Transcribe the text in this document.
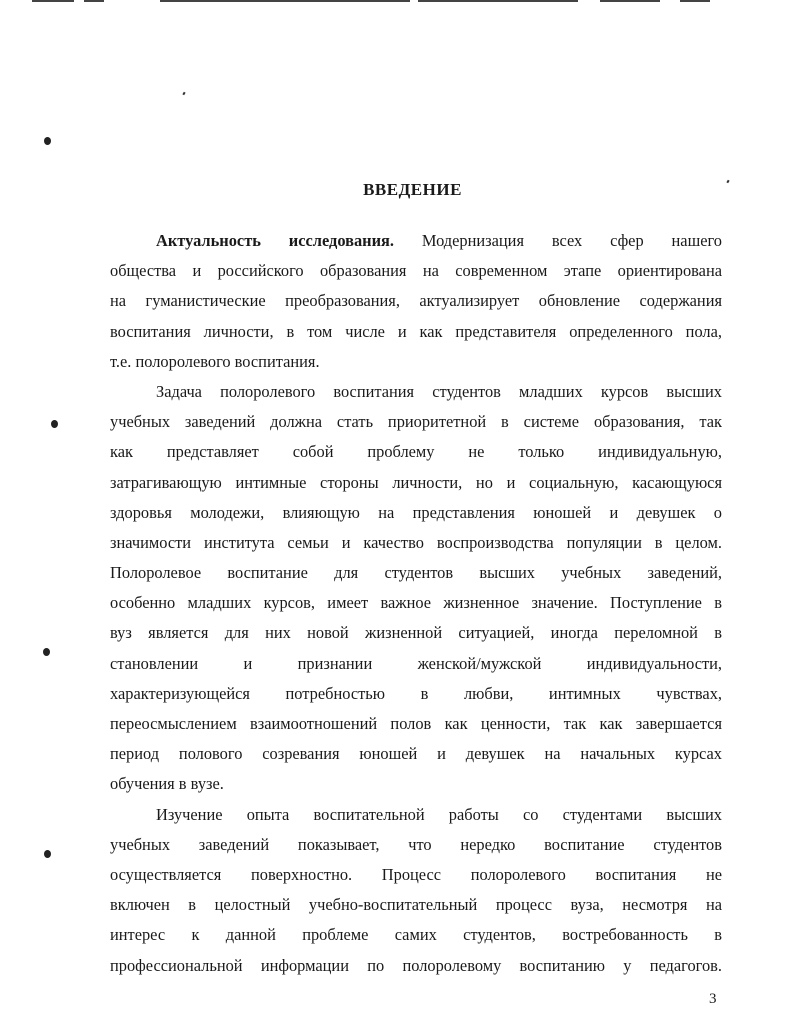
ВВЕДЕНИЕ
Актуальность исследования. Модернизация всех сфер нашего
общества и российского образования на современном этапе ориентирована
на гуманистические преобразования, актуализирует обновление содержания
воспитания личности, в том числе и как представителя определенного пола,
т.е. полоролевого воспитания.
Задача полоролевого воспитания студентов младших курсов высших
учебных заведений должна стать приоритетной в системе образования, так
как представляет собой проблему не только индивидуальную,
затрагивающую интимные стороны личности, но и социальную, касающуюся
здоровья молодежи, влияющую на представления юношей и девушек о
значимости института семьи и качество воспроизводства популяции в целом.
Полоролевое воспитание для студентов высших учебных заведений,
особенно младших курсов, имеет важное жизненное значение. Поступление в
вуз является для них новой жизненной ситуацией, иногда переломной в
становлении и признании женской/мужской индивидуальности,
характеризующейся потребностью в любви, интимных чувствах,
переосмыслением взаимоотношений полов как ценности, так как завершается
период полового созревания юношей и девушек на начальных курсах
обучения в вузе.
Изучение опыта воспитательной работы со студентами высших
учебных заведений показывает, что нередко воспитание студентов
осуществляется поверхностно. Процесс полоролевого воспитания не
включен в целостный учебно-воспитательный процесс вуза, несмотря на
интерес к данной проблеме самих студентов, востребованность в
профессиональной информации по полоролевому воспитанию у педагогов.
3
